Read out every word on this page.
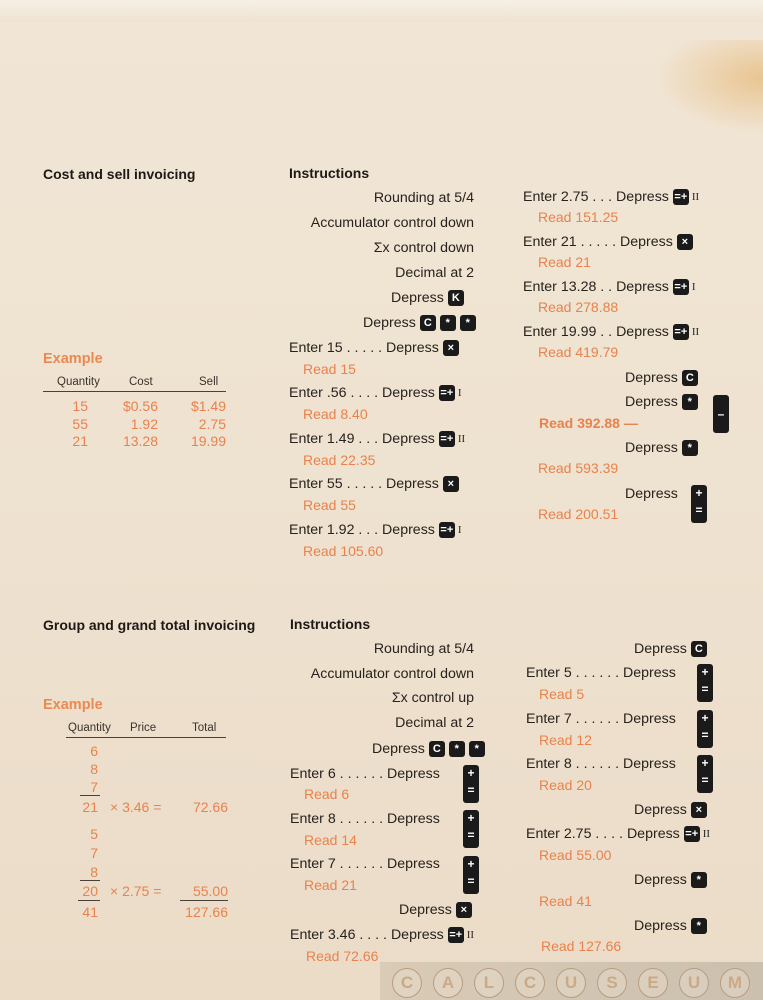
Cost and sell invoicing	Instructions
Example
Quantity	Cost	Sell
15	$0.56	$1.49
55	1.92	2.75
21	13.28	19.99
Rounding at 5/4
Accumulator control down
Σx control down
Decimal at 2
Depress K
Depress C * *
Enter 15 . . . . . Depress ×
Read 15
Enter .56 . . . . Depress =+ I
Read 8.40
Enter 1.49 . . . Depress =+ II
Read 22.35
Enter 55 . . . . . Depress ×
Read 55
Enter 1.92 . . . Depress =+ I
Read 105.60
Enter 2.75 . . . Depress =+ II
Read 151.25
Enter 21 . . . . . Depress ×
Read 21
Enter 13.28 . . Depress =+ I
Read 278.88
Enter 19.99 . . Depress =+ II
Read 419.79
Depress C
Depress *
–
Read 392.88 —
Depress *
Read 593.39
Depress	+
=
Read 200.51
Group and grand total invoicing Instructions
Example
Quantity Price	Total
6
8
7
21 × 3.46 =	72.66
5
7
8
20 × 2.75 =	55.00
41	127.66
Rounding at 5/4
Accumulator control down
Σx control up
Decimal at 2
Depress C * *
Enter 6 . . . . . . Depress	+
=
Read 6
Enter 8 . . . . . . Depress	+
=
Read 14
Enter 7 . . . . . . Depress	+
=
Read 21
Depress ×
Enter 3.46 . . . . Depress =+ II
Read 72.66
Depress C
Enter 5 . . . . . . Depress	+
=
Read 5
Enter 7 . . . . . . Depress	+
=
Read 12
Enter 8 . . . . . . Depress	+
=
Read 20
Depress ×
Enter 2.75 . . . . Depress =+ II
Read 55.00
Depress *
Read 41
Depress *
Read 127.66
C	A	L	C	U	S	E	U	M
